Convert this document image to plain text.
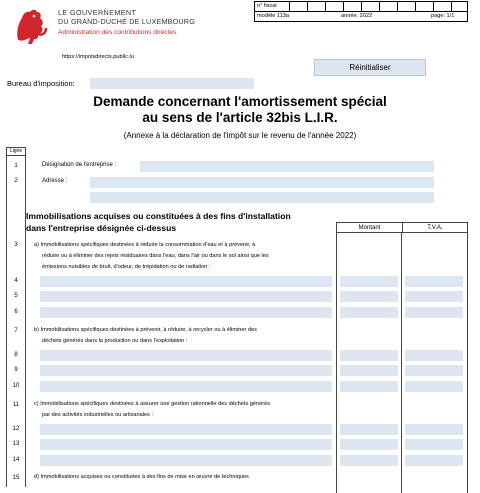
LE GOUVERNEMENT
DU GRAND-DUCHÉ DE LUXEMBOURG
Administration des contributions directes
n° fiscal
modèle 113a	année: 2022	page: 1/1
https://impotsdirects.public.lu
Réinitialiser
Bureau d'imposition:
Demande concernant l'amortissement spécial
au sens de l'article 32bis L.I.R.
(Annexe à la déclaration de l'impôt sur le revenu de l'année 2022)
Ligne
1	Désignation de l'entreprise :
2	Adresse :
Immobilisations acquises ou constituées à des fins d'installation
dans l'entreprise désignée ci-dessus	Montant	T.V.A.
3	a) Immobilisations spécifiques destinées à réduire la consommation d'eau et à prévenir, à
réduire ou à éliminer des rejets résiduaires dans l'eau, dans l'air ou dans le sol ainsi que les
émissions nuisibles de bruit, d'odeur, de trépidation ou de radiation :
4
5
6
7	b) Immobilisations spécifiques destinées à prévenir, à réduire, à recycler ou à éliminer des
déchets générés dans la production ou dans l'exploitation :
8
9
10
11	c) Immobilisations spécifiques destinées à assurer une gestion rationnelle des déchets générés
par des activités industrielles ou artisanales :
12
13
14
15	d) Immobilisations acquises ou constituées à des fins de mise en œuvre de techniques
